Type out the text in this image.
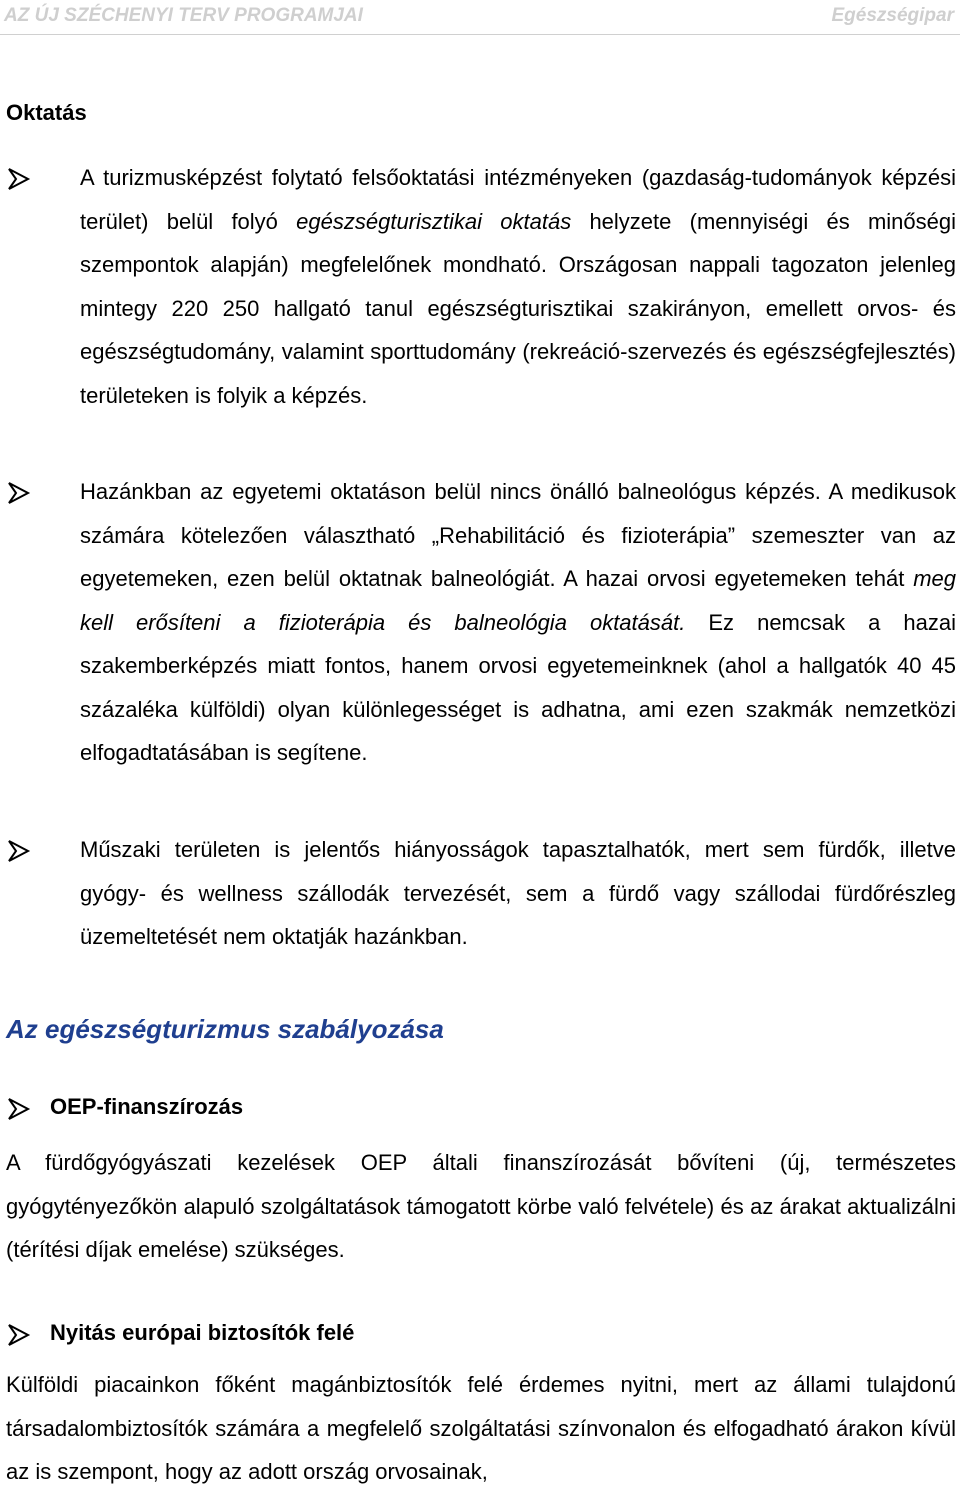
AZ ÚJ SZÉCHENYI TERV PROGRAMJAI	Egészségipar
Oktatás
A turizmusképzést folytató felsőoktatási intézményeken (gazdaság-tudományok képzési terület) belül folyó egészségturisztikai oktatás helyzete (mennyiségi és minőségi szempontok alapján) megfelelőnek mondható. Országosan nappali tagozaton jelenleg mintegy 220 250 hallgató tanul egészségturisztikai szakirányon, emellett orvos- és egészségtudomány, valamint sporttudomány (rekreáció-szervezés és egészségfejlesztés) területeken is folyik a képzés.
Hazánkban az egyetemi oktatáson belül nincs önálló balneológus képzés. A medikusok számára kötelezően választható „Rehabilitáció és fizioterápia” szemeszter van az egyetemeken, ezen belül oktatnak balneológiát. A hazai orvosi egyetemeken tehát meg kell erősíteni a fizioterápia és balneológia oktatását. Ez nemcsak a hazai szakemberképzés miatt fontos, hanem orvosi egyetemeinknek (ahol a hallgatók 40 45 százaléka külföldi) olyan különlegességet is adhatna, ami ezen szakmák nemzetközi elfogadtatásában is segítene.
Műszaki területen is jelentős hiányosságok tapasztalhatók, mert sem fürdők, illetve gyógy- és wellness szállodák tervezését, sem a fürdő vagy szállodai fürdőrészleg üzemeltetését nem oktatják hazánkban.
Az egészségturizmus szabályozása
OEP-finanszírozás
A fürdőgyógyászati kezelések OEP általi finanszírozását bővíteni (új, természetes gyógytényezőkön alapuló szolgáltatások támogatott körbe való felvétele) és az árakat aktualizálni (térítési díjak emelése) szükséges.
Nyitás európai biztosítók felé
Külföldi piacainkon főként magánbiztosítók felé érdemes nyitni, mert az állami tulajdonú társadalombiztosítók számára a megfelelő szolgáltatási színvonalon és elfogadható árakon kívül az is szempont, hogy az adott ország orvosainak,
